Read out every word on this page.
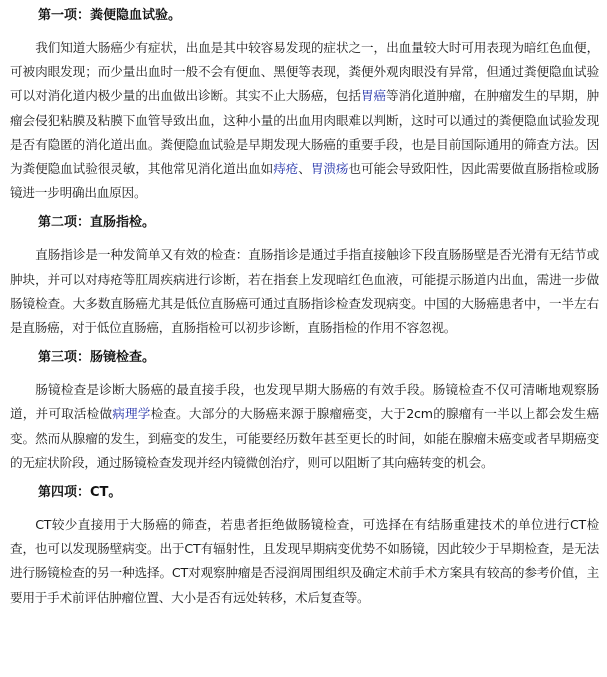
第一项：粪便隐血试验。

我们知道大肠癌少有症状，出血是其中较容易发现的症状之一，出血量较大时可用表现为暗红色血便，可被肉眼发现；而少量出血时一般不会有便血、黑便等表现，粪便外观肉眼没有异常，但通过粪便隐血试验可以对消化道内极少量的出血做出诊断。其实不止大肠癌，包括胃癌等消化道肿瘤，在肿瘤发生的早期，肿瘤会侵犯粘膜及粘膜下血管导致出血，这种小量的出血用肉眼难以判断，这时可以通过的粪便隐血试验发现是否有隐匿的消化道出血。粪便隐血试验是早期发现大肠癌的重要手段，也是目前国际通用的筛查方法。因为粪便隐血试验很灵敏，其他常见消化道出血如痔疮、胃溃疡也可能会导致阳性，因此需要做直肠指检或肠镜进一步明确出血原因。

第二项：直肠指检。

直肠指诊是一种发简单又有效的检查：直肠指诊是通过手指直接触诊下段直肠肠壁是否光滑有无结节或肿块，并可以对痔疮等肛周疾病进行诊断，若在指套上发现暗红色血液，可能提示肠道内出血，需进一步做肠镜检查。大多数直肠癌尤其是低位直肠癌可通过直肠指诊检查发现病变。中国的大肠癌患者中，一半左右是直肠癌，对于低位直肠癌，直肠指检可以初步诊断，直肠指检的作用不容忽视。

第三项：肠镜检查。

肠镜检查是诊断大肠癌的最直接手段，也发现早期大肠癌的有效手段。肠镜检查不仅可清晰地观察肠道，并可取活检做病理学检查。大部分的大肠癌来源于腺瘤癌变，大于2cm的腺瘤有一半以上都会发生癌变。然而从腺瘤的发生，到癌变的发生，可能要经历数年甚至更长的时间，如能在腺瘤未癌变或者早期癌变的无症状阶段，通过肠镜检查发现并经内镜微创治疗，则可以阻断了其向癌转变的机会。

第四项：CT。

CT较少直接用于大肠癌的筛查，若患者拒绝做肠镜检查，可选择在有结肠重建技术的单位进行CT检查，也可以发现肠壁病变。出于CT有辐射性，且发现早期病变优势不如肠镜，因此较少于早期检查，是无法进行肠镜检查的另一种选择。CT对观察肿瘤是否浸润周围组织及确定术前手术方案具有较高的参考价值，主要用于手术前评估肿瘤位置、大小是否有远处转移，术后复查等。
